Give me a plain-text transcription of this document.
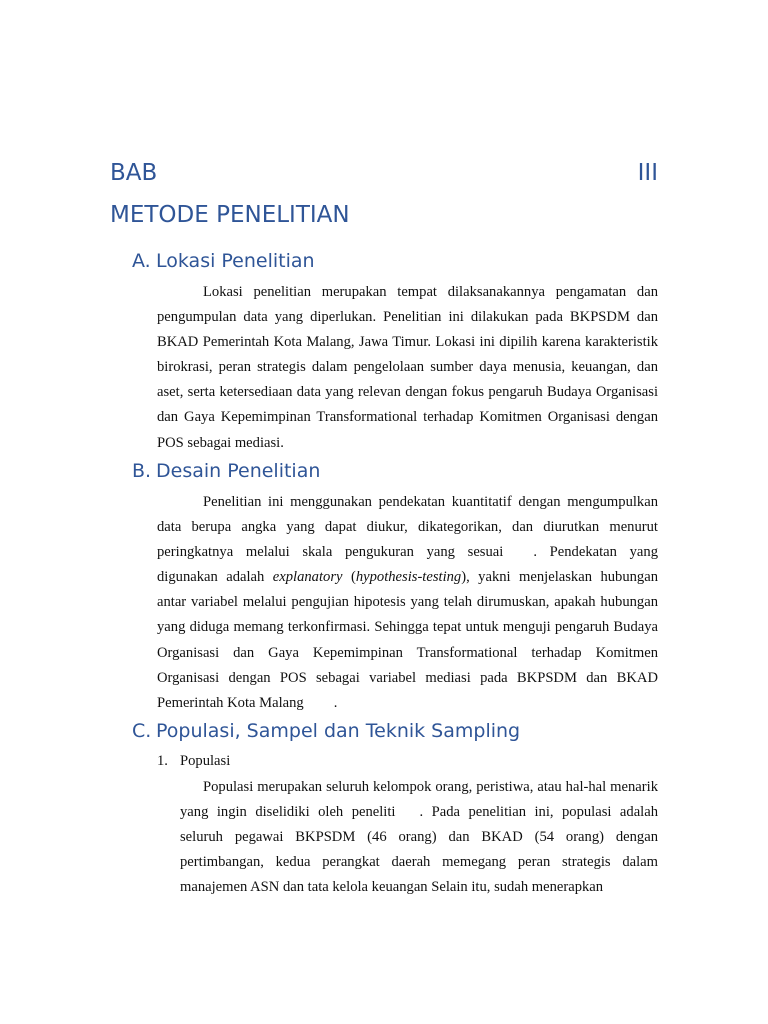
BAB	III
METODE PENELITIAN
A. Lokasi Penelitian

Lokasi penelitian merupakan tempat dilaksanakannya pengamatan dan pengumpulan data yang diperlukan. Penelitian ini dilakukan pada BKPSDM dan BKAD Pemerintah Kota Malang, Jawa Timur. Lokasi ini dipilih karena karakteristik birokrasi, peran strategis dalam pengelolaan sumber daya menusia, keuangan, dan aset, serta ketersediaan data yang relevan dengan fokus pengaruh Budaya Organisasi dan Gaya Kepemimpinan Transformational terhadap Komitmen Organisasi dengan POS sebagai mediasi.

B. Desain Penelitian

Penelitian ini menggunakan pendekatan kuantitatif dengan mengumpulkan data berupa angka yang dapat diukur, dikategorikan, dan diurutkan menurut peringkatnya melalui skala pengukuran yang sesuai . Pendekatan yang digunakan adalah explanatory (hypothesis-testing), yakni menjelaskan hubungan antar variabel melalui pengujian hipotesis yang telah dirumuskan, apakah hubungan yang diduga memang terkonfirmasi. Sehingga tepat untuk menguji pengaruh Budaya Organisasi dan Gaya Kepemimpinan Transformational terhadap Komitmen Organisasi dengan POS sebagai variabel mediasi pada BKPSDM dan BKAD Pemerintah Kota Malang .

C. Populasi, Sampel dan Teknik Sampling
1. Populasi

Populasi merupakan seluruh kelompok orang, peristiwa, atau hal-hal menarik yang ingin diselidiki oleh peneliti . Pada penelitian ini, populasi adalah seluruh pegawai BKPSDM (46 orang) dan BKAD (54 orang) dengan pertimbangan, kedua perangkat daerah memegang peran strategis dalam manajemen ASN dan tata kelola keuangan Selain itu, sudah menerapkan
